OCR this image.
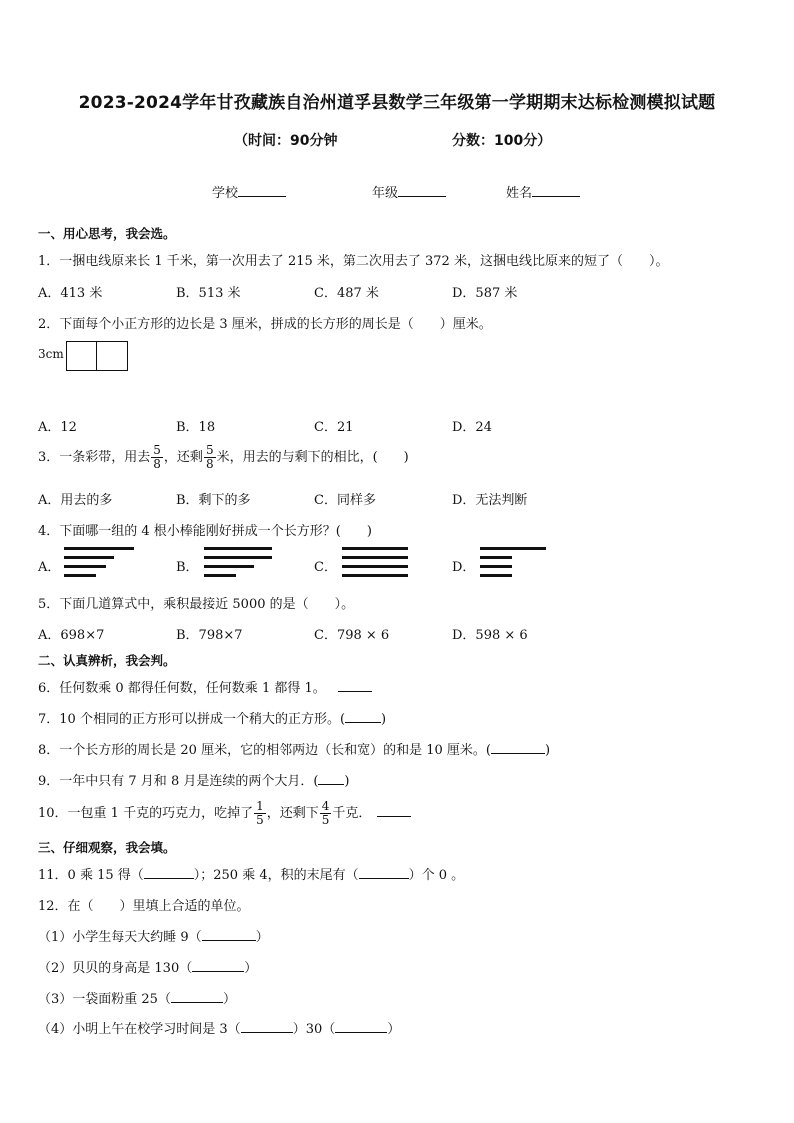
2023-2024学年甘孜藏族自治州道孚县数学三年级第一学期期末达标检测模拟试题
（时间：90分钟	分数：100分）
学校	年级	姓名
一、用心思考，我会选。
1．一捆电线原来长 1 千米，第一次用去了 215 米，第二次用去了 372 米，这捆电线比原来的短了（　　）。
A．413 米	B．513 米	C．487 米	D．587 米
2．下面每个小正方形的边长是 3 厘米，拼成的长方形的周长是（　　）厘米。
3cm
A．12	B．18	C．21	D．24
3．一条彩带，用去 $\frac{5}{8}$ ，还剩 $\frac{5}{8}$ 米，用去的与剩下的相比，(　　)
A．用去的多	B．剩下的多	C．同样多	D．无法判断
4．下面哪一组的 4 根小棒能刚好拼成一个长方形？(　　)
A．	B．	C．	D．
5．下面几道算式中，乘积最接近 5000 的是（　　）。
A．698×7	B．798×7	C．798 × 6	D．598 × 6
二、认真辨析，我会判。
6．任何数乘 0 都得任何数，任何数乘 1 都得 1。
7．10 个相同的正方形可以拼成一个稍大的正方形。(	)
8．一个长方形的周长是 20 厘米，它的相邻两边（长和宽）的和是 10 厘米。(	)
9．一年中只有 7 月和 8 月是连续的两个大月．( )
10．一包重 1 千克的巧克力，吃掉了 $\frac{1}{5}$ ，还剩下 $\frac{4}{5}$ 千克．
三、仔细观察，我会填。
11．0 乘 15 得（	）；250 乘 4，积的末尾有（	）个 0 。
12．在（　　）里填上合适的单位。
（1）小学生每天大约睡 9（	）
（2）贝贝的身高是 130（	）
（3）一袋面粉重 25（	）
（4）小明上午在校学习时间是 3（	）30（	）
